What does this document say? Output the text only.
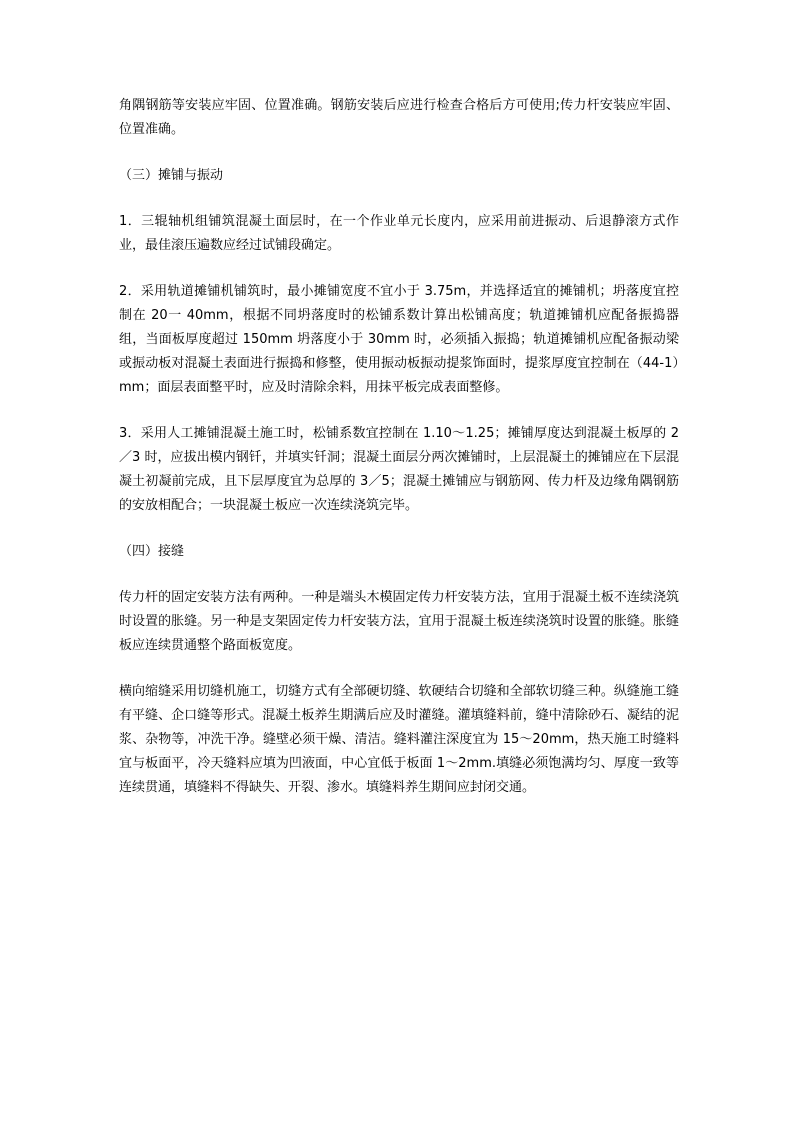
角隅钢筋等安装应牢固、位置准确。钢筋安装后应进行检查合格后方可使用;传力杆安装应牢固、位置准确。

（三）摊铺与振动

1．三辊轴机组铺筑混凝土面层时，在一个作业单元长度内，应采用前进振动、后退静滚方式作业，最佳滚压遍数应经过试铺段确定。

2．采用轨道摊铺机铺筑时，最小摊铺宽度不宜小于 3.75m，并选择适宜的摊铺机；坍落度宜控制在 20一 40mm，根据不同坍落度时的松铺系数计算出松铺高度；轨道摊铺机应配备振捣器组，当面板厚度超过 150mm 坍落度小于 30mm 时，必须插入振捣；轨道摊铺机应配备振动梁或振动板对混凝土表面进行振捣和修整，使用振动板振动提浆饰面时，提浆厚度宜控制在（44-1）mm；面层表面整平时，应及时清除余料，用抹平板完成表面整修。

3．采用人工摊铺混凝土施工时，松铺系数宜控制在 1.10～1.25；摊铺厚度达到混凝土板厚的 2／3 时，应拔出模内钢钎，并填实钎洞；混凝土面层分两次摊铺时，上层混凝土的摊铺应在下层混凝土初凝前完成，且下层厚度宜为总厚的 3／5；混凝土摊铺应与钢筋网、传力杆及边缘角隅钢筋的安放相配合；一块混凝土板应一次连续浇筑完毕。

（四）接缝

传力杆的固定安装方法有两种。一种是端头木模固定传力杆安装方法，宜用于混凝土板不连续浇筑时设置的胀缝。另一种是支架固定传力杆安装方法，宜用于混凝土板连续浇筑时设置的胀缝。胀缝板应连续贯通整个路面板宽度。

横向缩缝采用切缝机施工，切缝方式有全部硬切缝、软硬结合切缝和全部软切缝三种。纵缝施工缝有平缝、企口缝等形式。混凝土板养生期满后应及时灌缝。灌填缝料前，缝中清除砂石、凝结的泥浆、杂物等，冲洗干净。缝壁必须干燥、清洁。缝料灌注深度宜为 15～20mm，热天施工时缝料宜与板面平，冷天缝料应填为凹液面，中心宜低于板面 1～2mm.填缝必须饱满均匀、厚度一致等连续贯通，填缝料不得缺失、开裂、渗水。填缝料养生期间应封闭交通。
